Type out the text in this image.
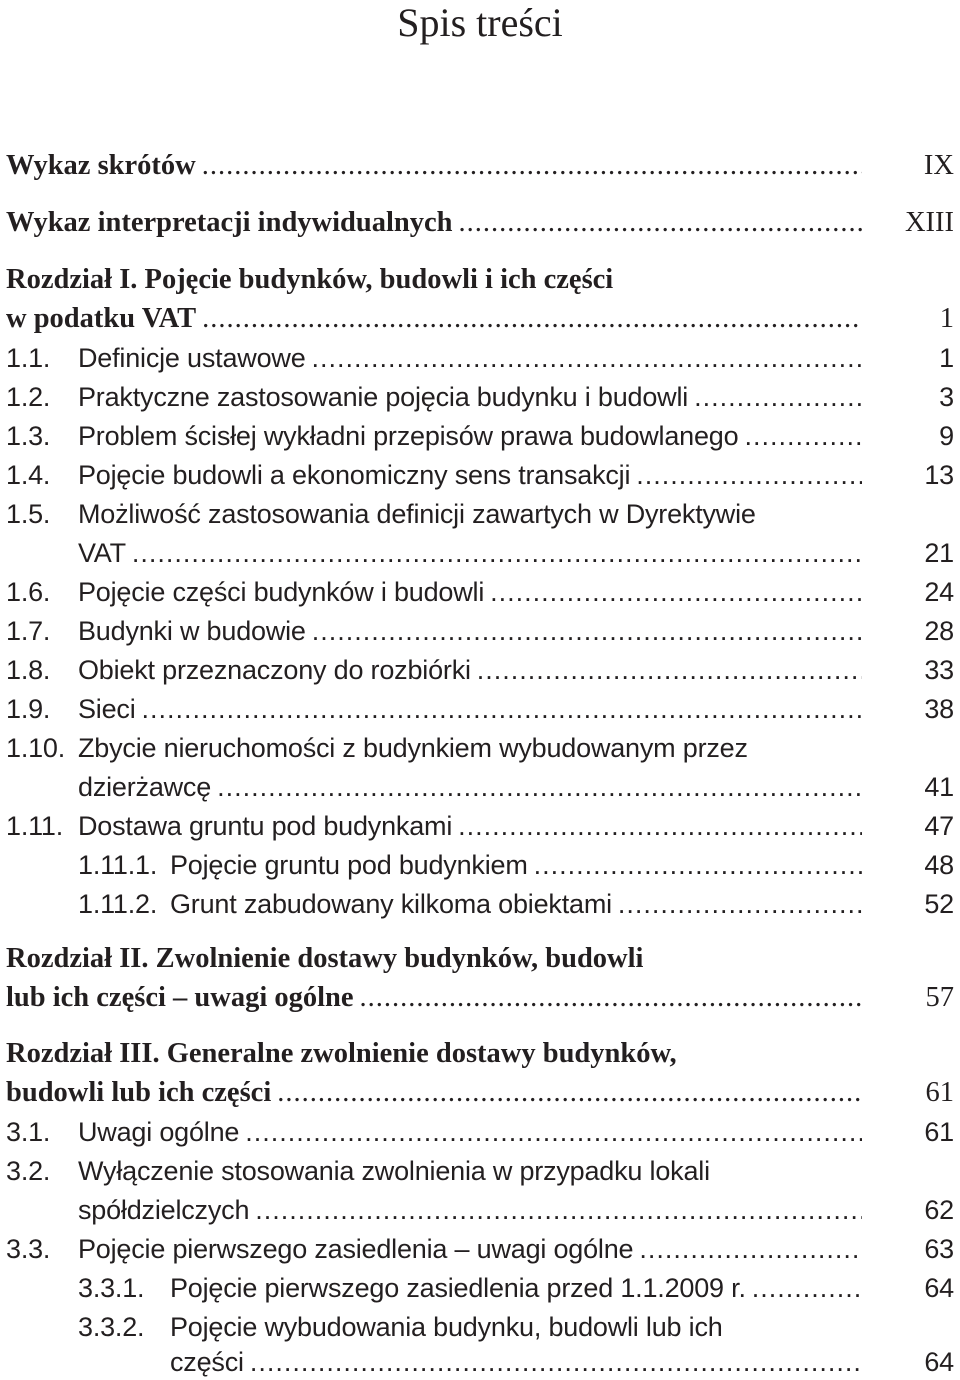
Spis treści
Wykaz skrótów .....	IX
Wykaz interpretacji indywidualnych .....	XIII
Rozdział I. Pojęcie budynków, budowli i ich części
w podatku VAT .....	1
1.1. Definicje ustawowe .....	1
1.2. Praktyczne zastosowanie pojęcia budynku i budowli .....	3
1.3. Problem ścisłej wykładni przepisów prawa budowlanego .....	9
1.4. Pojęcie budowli a ekonomiczny sens transakcji .....	13
1.5. Możliwość zastosowania definicji zawartych w Dyrektywie
VAT .....	21
1.6. Pojęcie części budynków i budowli .....	24
1.7. Budynki w budowie .....	28
1.8. Obiekt przeznaczony do rozbiórki .....	33
1.9. Sieci .....	38
1.10. Zbycie nieruchomości z budynkiem wybudowanym przez
dzierżawcę .....	41
1.11. Dostawa gruntu pod budynkami .....	47
1.11.1. Pojęcie gruntu pod budynkiem .....	48
1.11.2. Grunt zabudowany kilkoma obiektami .....	52
Rozdział II. Zwolnienie dostawy budynków, budowli
lub ich części – uwagi ogólne .....	57
Rozdział III. Generalne zwolnienie dostawy budynków,
budowli lub ich części .....	61
3.1. Uwagi ogólne .....	61
3.2. Wyłączenie stosowania zwolnienia w przypadku lokali
spółdzielczych .....	62
3.3. Pojęcie pierwszego zasiedlenia – uwagi ogólne .....	63
3.3.1. Pojęcie pierwszego zasiedlenia przed 1.1.2009 r. .....	64
3.3.2. Pojęcie wybudowania budynku, budowli lub ich
części .....	64
